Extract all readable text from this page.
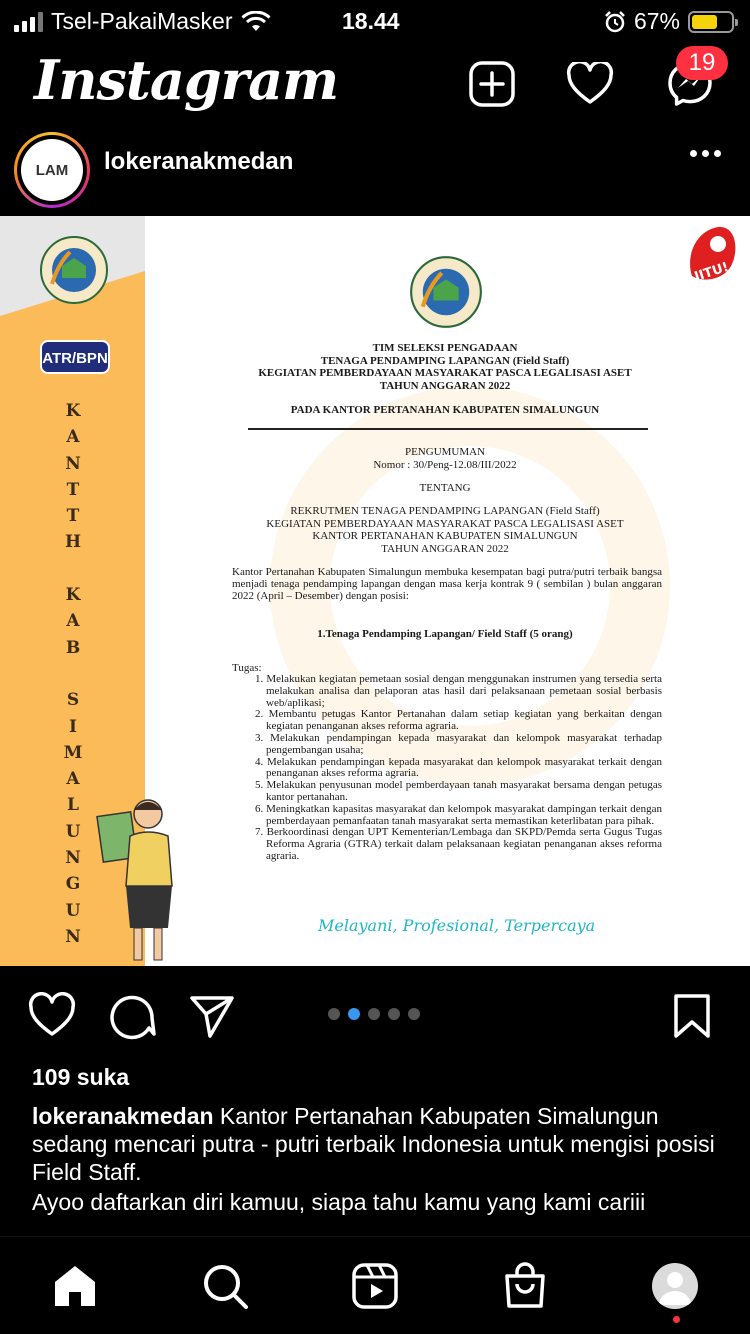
Tsel-PakaiMasker	18.44	67%
Instagram	19
LAM lokeranakmedan
ATR/BPN
K
A
N
T
T
H

K
A
B

S
I
M
A
L
U
N
G
U
N
JITU!
TIM SELEKSI PENGADAAN
TENAGA PENDAMPING LAPANGAN (Field Staff)
KEGIATAN PEMBERDAYAAN MASYARAKAT PASCA LEGALISASI ASET
TAHUN ANGGARAN 2022
PADA KANTOR PERTANAHAN KABUPATEN SIMALUNGUN
PENGUMUMAN
Nomor : 30/Peng-12.08/III/2022
TENTANG
REKRUTMEN TENAGA PENDAMPING LAPANGAN (Field Staff)
KEGIATAN PEMBERDAYAAN MASYARAKAT PASCA LEGALISASI ASET
KANTOR PERTANAHAN KABUPATEN SIMALUNGUN
TAHUN ANGGARAN 2022
Kantor Pertanahan Kabupaten Simalungun membuka kesempatan bagi putra/putri terbaik bangsa menjadi tenaga pendamping lapangan dengan masa kerja kontrak 9 ( sembilan ) bulan anggaran 2022 (April – Desember) dengan posisi:
1.Tenaga Pendamping Lapangan/ Field Staff (5 orang)
Tugas:
1. Melakukan kegiatan pemetaan sosial dengan menggunakan instrumen yang tersedia serta melakukan analisa dan pelaporan atas hasil dari pelaksanaan pemetaan sosial berbasis web/aplikasi;
2. Membantu petugas Kantor Pertanahan dalam setiap kegiatan yang berkaitan dengan kegiatan penanganan akses reforma agraria.
3. Melakukan pendampingan kepada masyarakat dan kelompok masyarakat terhadap pengembangan usaha;
4. Melakukan pendampingan kepada masyarakat dan kelompok masyarakat terkait dengan penanganan akses reforma agraria.
5. Melakukan penyusunan model pemberdayaan tanah masyarakat bersama dengan petugas kantor pertanahan.
6. Meningkatkan kapasitas masyarakat dan kelompok masyarakat dampingan terkait dengan pemberdayaan pemanfaatan tanah masyarakat serta memastikan keterlibatan para pihak.
7. Berkoordinasi dengan UPT Kementerian/Lembaga dan SKPD/Pemda serta Gugus Tugas Reforma Agraria (GTRA) terkait dalam pelaksanaan kegiatan penanganan akses reforma agraria.
Melayani, Profesional, Terpercaya
109 suka
lokeranakmedan Kantor Pertanahan Kabupaten Simalungun sedang mencari putra - putri terbaik Indonesia untuk mengisi posisi Field Staff.
Ayoo daftarkan diri kamuu, siapa tahu kamu yang kami cariii
